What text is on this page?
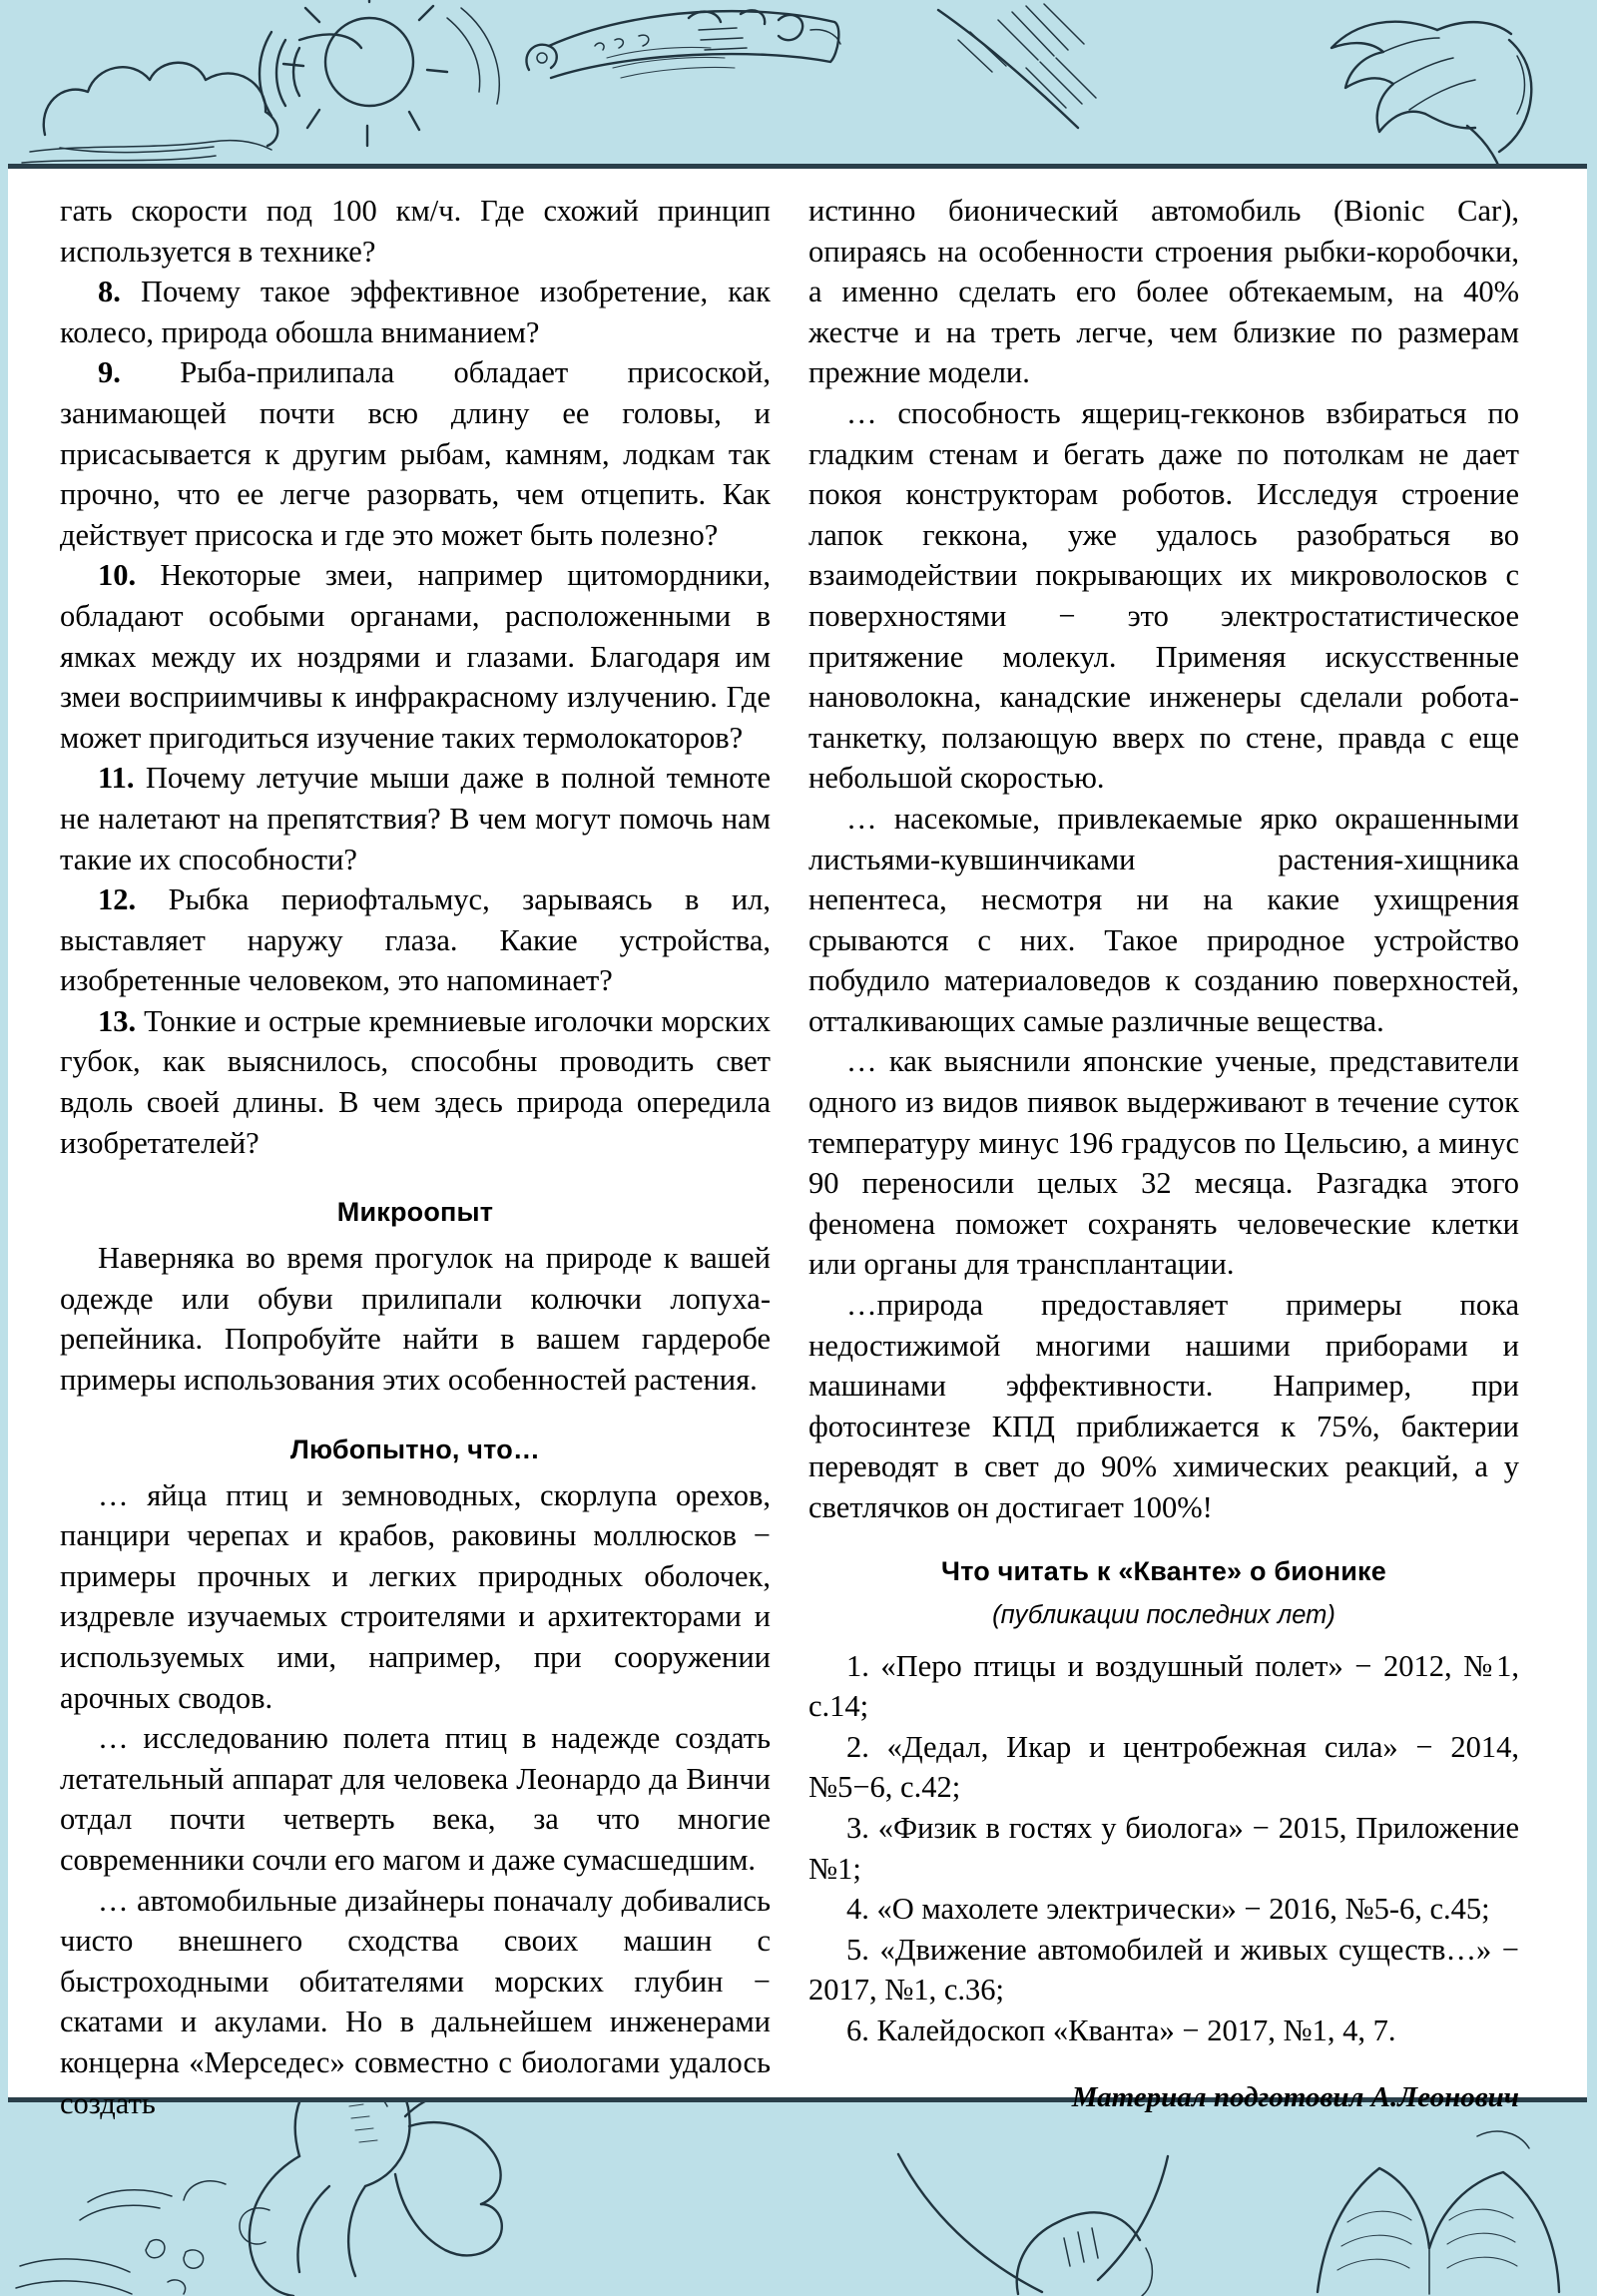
гать скорости под 100 км/ч. Где схожий принцип используется в технике?

8. Почему такое эффективное изобретение, как колесо, природа обошла вниманием?

9. Рыба-прилипала обладает присоской, занимающей почти всю длину ее головы, и присасывается к другим рыбам, камням, лодкам так прочно, что ее легче разорвать, чем отцепить. Как действует присоска и где это может быть полезно?

10. Некоторые змеи, например щитомордники, обладают особыми органами, расположенными в ямках между их ноздрями и глазами. Благодаря им змеи восприимчивы к инфракрасному излучению. Где может пригодиться изучение таких термолокаторов?

11. Почему летучие мыши даже в полной темноте не налетают на препятствия? В чем могут помочь нам такие их способности?

12. Рыбка периофтальмус, зарываясь в ил, выставляет наружу глаза. Какие устройства, изобретенные человеком, это напоминает?

13. Тонкие и острые кремниевые иголочки морских губок, как выяснилось, способны проводить свет вдоль своей длины. В чем здесь природа опередила изобретателей?

Микроопыт

Наверняка во время прогулок на природе к вашей одежде или обуви прилипали колючки лопуха-репейника. Попробуйте найти в вашем гардеробе примеры использования этих особенностей растения.

Любопытно, что…

… яйца птиц и земноводных, скорлупа орехов, панцири черепах и крабов, раковины моллюсков − примеры прочных и легких природных оболочек, издревле изучаемых строителями и архитекторами и используемых ими, например, при сооружении арочных сводов.

… исследованию полета птиц в надежде создать летательный аппарат для человека Леонардо да Винчи отдал почти четверть века, за что многие современники сочли его магом и даже сумасшедшим.

… автомобильные дизайнеры поначалу добивались чисто внешнего сходства своих машин с быстроходными обитателями морских глубин − скатами и акулами. Но в дальнейшем инженерами концерна «Мерседес» совместно с биологами удалось создать

истинно бионический автомобиль (Bionic Car), опираясь на особенности строения рыбки-коробочки, а именно сделать его более обтекаемым, на 40% жестче и на треть легче, чем близкие по размерам прежние модели.

… способность ящериц-гекконов взбираться по гладким стенам и бегать даже по потолкам не дает покоя конструкторам роботов. Исследуя строение лапок геккона, уже удалось разобраться во взаимодействии покрывающих их микроволосков с поверхностями − это электростатистическое притяжение молекул. Применяя искусственные нановолокна, канадские инженеры сделали робота-танкетку, ползающую вверх по стене, правда с еще небольшой скоростью.

… насекомые, привлекаемые ярко окрашенными листьями-кувшинчиками растения-хищника непентеса, несмотря ни на какие ухищрения срываются с них. Такое природное устройство побудило материаловедов к созданию поверхностей, отталкивающих самые различные вещества.

… как выяснили японские ученые, представители одного из видов пиявок выдерживают в течение суток температуру минус 196 градусов по Цельсию, а минус 90 переносили целых 32 месяца. Разгадка этого феномена поможет сохранять человеческие клетки или органы для трансплантации.

…природа предоставляет примеры пока недостижимой многими нашими приборами и машинами эффективности. Например, при фотосинтезе КПД приближается к 75%, бактерии переводят в свет до 90% химических реакций, а у светлячков он достигает 100%!

Что читать к «Кванте» о бионике
(публикации последних лет)

1. «Перо птицы и воздушный полет» − 2012, №1, с.14;

2. «Дедал, Икар и центробежная сила» − 2014, №5−6, с.42;

3. «Физик в гостях у биолога» − 2015, Приложение №1;

4. «О махолете электрически» − 2016, №5-6, с.45;

5. «Движение автомобилей и живых существ…» − 2017, №1, с.36;

6. Калейдоскоп «Кванта» − 2017, №1, 4, 7.

Материал подготовил А.Леонович
